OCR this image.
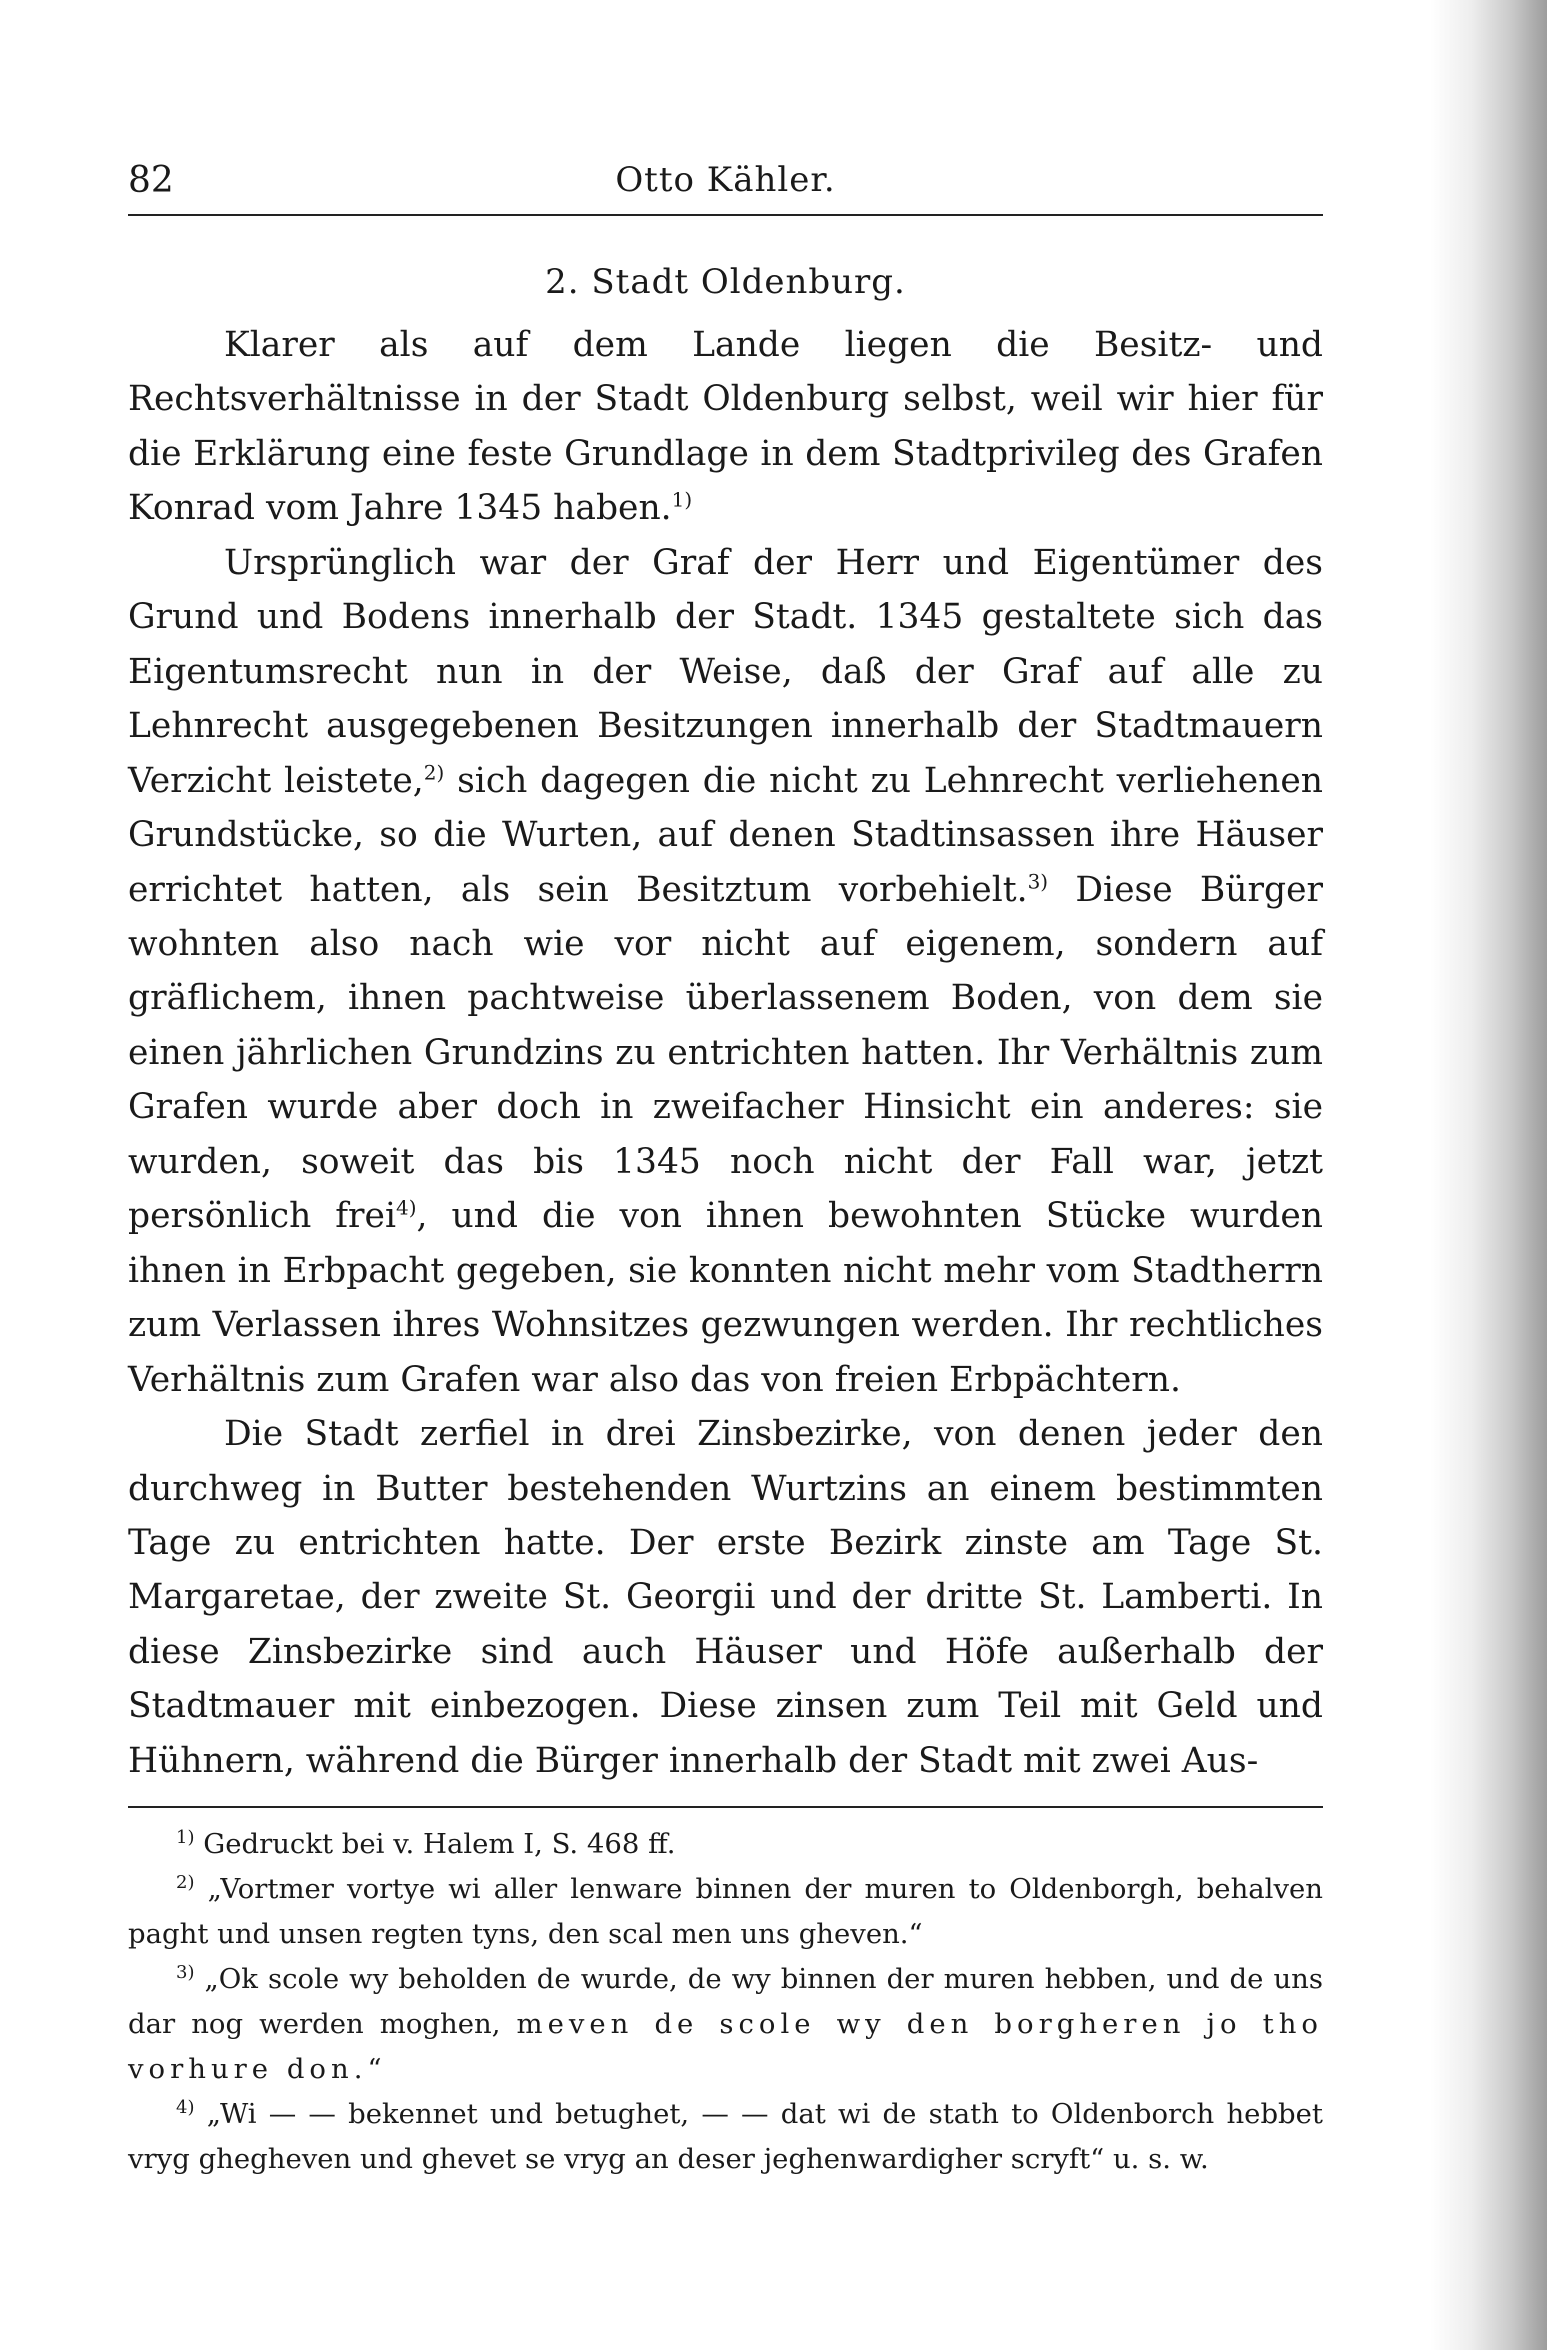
82	Otto Kähler.
2. Stadt Oldenburg.

Klarer als auf dem Lande liegen die Besitz- und Rechtsverhältnisse in der Stadt Oldenburg selbst, weil wir hier für die Erklärung eine feste Grundlage in dem Stadtprivileg des Grafen Konrad vom Jahre 1345 haben.$^{1)}$

Ursprünglich war der Graf der Herr und Eigentümer des Grund und Bodens innerhalb der Stadt. 1345 gestaltete sich das Eigentumsrecht nun in der Weise, daß der Graf auf alle zu Lehnrecht ausgegebenen Besitzungen innerhalb der Stadtmauern Verzicht leistete,$^{2)}$ sich dagegen die nicht zu Lehnrecht verliehenen Grundstücke, so die Wurten, auf denen Stadtinsassen ihre Häuser errichtet hatten, als sein Besitztum vorbehielt.$^{3)}$ Diese Bürger wohnten also nach wie vor nicht auf eigenem, sondern auf gräflichem, ihnen pachtweise überlassenem Boden, von dem sie einen jährlichen Grundzins zu entrichten hatten. Ihr Verhältnis zum Grafen wurde aber doch in zweifacher Hinsicht ein anderes: sie wurden, soweit das bis 1345 noch nicht der Fall war, jetzt persönlich frei$^{4)}$, und die von ihnen bewohnten Stücke wurden ihnen in Erbpacht gegeben, sie konnten nicht mehr vom Stadtherrn zum Verlassen ihres Wohnsitzes gezwungen werden. Ihr rechtliches Verhältnis zum Grafen war also das von freien Erbpächtern.

Die Stadt zerfiel in drei Zinsbezirke, von denen jeder den durchweg in Butter bestehenden Wurtzins an einem bestimmten Tage zu entrichten hatte. Der erste Bezirk zinste am Tage St. Margaretae, der zweite St. Georgii und der dritte St. Lamberti. In diese Zinsbezirke sind auch Häuser und Höfe außerhalb der Stadtmauer mit einbezogen. Diese zinsen zum Teil mit Geld und Hühnern, während die Bürger innerhalb der Stadt mit zwei Aus-

$^{1)}$ Gedruckt bei v. Halem I, S. 468 ff.

$^{2)}$ „Vortmer vortye wi aller lenware binnen der muren to Oldenborgh, behalven paght und unsen regten tyns, den scal men uns gheven.“

$^{3)}$ „Ok scole wy beholden de wurde, de wy binnen der muren hebben, und de uns dar nog werden moghen, meven de scole wy den borgheren jo tho vorhure don.“

$^{4)}$ „Wi — — bekennet und betughet, — — dat wi de stath to Oldenborch hebbet vryg ghegheven und ghevet se vryg an deser jeghenwardigher scryft“ u. s. w.
